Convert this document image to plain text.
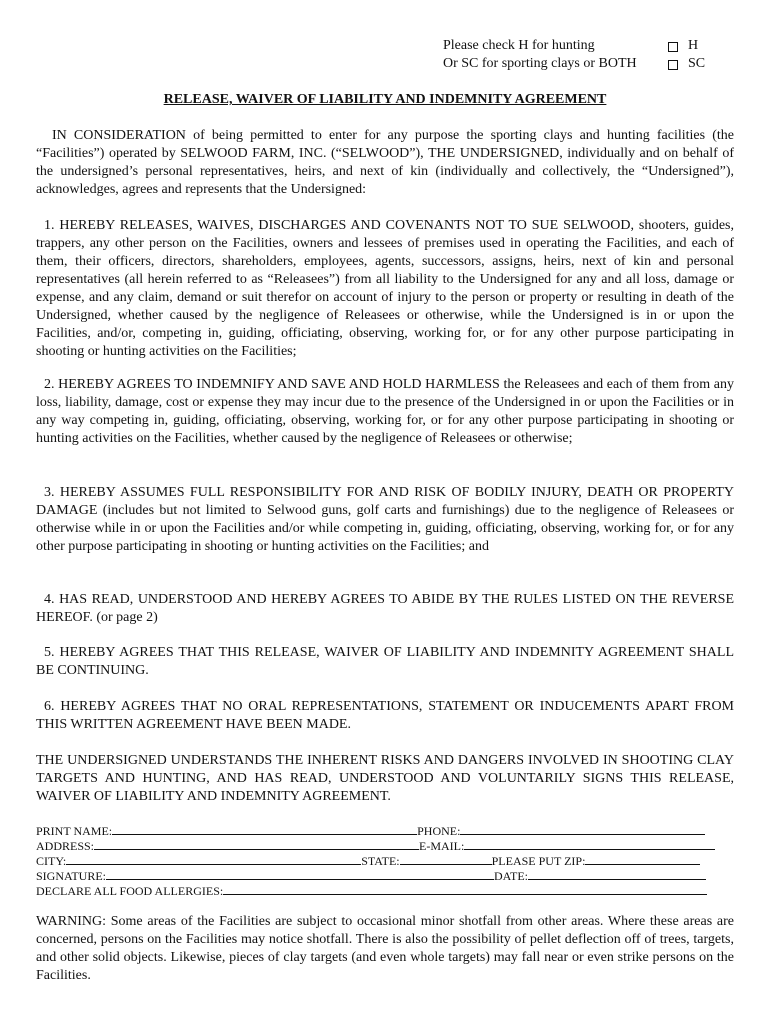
Please check H for hunting	H
Or SC for sporting clays or BOTH	SC
RELEASE, WAIVER OF LIABILITY AND INDEMNITY AGREEMENT
IN CONSIDERATION of being permitted to enter for any purpose the sporting clays and hunting facilities (the “Facilities”) operated by SELWOOD FARM, INC. (“SELWOOD”), THE UNDERSIGNED, individually and on behalf of the undersigned’s personal representatives, heirs, and next of kin (individually and collectively, the “Undersigned”), acknowledges, agrees and represents that the Undersigned:
1. HEREBY RELEASES, WAIVES, DISCHARGES AND COVENANTS NOT TO SUE SELWOOD, shooters, guides, trappers, any other person on the Facilities, owners and lessees of premises used in operating the Facilities, and each of them, their officers, directors, shareholders, employees, agents, successors, assigns, heirs, next of kin and personal representatives (all herein referred to as “Releasees”) from all liability to the Undersigned for any and all loss, damage or expense, and any claim, demand or suit therefor on account of injury to the person or property or resulting in death of the Undersigned, whether caused by the negligence of Releasees or otherwise, while the Undersigned is in or upon the Facilities, and/or, competing in, guiding, officiating, observing, working for, or for any other purpose participating in shooting or hunting activities on the Facilities;
2. HEREBY AGREES TO INDEMNIFY AND SAVE AND HOLD HARMLESS the Releasees and each of them from any loss, liability, damage, cost or expense they may incur due to the presence of the Undersigned in or upon the Facilities or in any way competing in, guiding, officiating, observing, working for, or for any other purpose participating in shooting or hunting activities on the Facilities, whether caused by the negligence of Releasees or otherwise;
3. HEREBY ASSUMES FULL RESPONSIBILITY FOR AND RISK OF BODILY INJURY, DEATH OR PROPERTY DAMAGE (includes but not limited to Selwood guns, golf carts and furnishings) due to the negligence of Releasees or otherwise while in or upon the Facilities and/or while competing in, guiding, officiating, observing, working for, or for any other purpose participating in shooting or hunting activities on the Facilities; and
4. HAS READ, UNDERSTOOD AND HEREBY AGREES TO ABIDE BY THE RULES LISTED ON THE REVERSE HEREOF. (or page 2)
5. HEREBY AGREES THAT THIS RELEASE, WAIVER OF LIABILITY AND INDEMNITY AGREEMENT SHALL BE CONTINUING.
6. HEREBY AGREES THAT NO ORAL REPRESENTATIONS, STATEMENT OR INDUCEMENTS APART FROM THIS WRITTEN AGREEMENT HAVE BEEN MADE.
THE UNDERSIGNED UNDERSTANDS THE INHERENT RISKS AND DANGERS INVOLVED IN SHOOTING CLAY TARGETS AND HUNTING, AND HAS READ, UNDERSTOOD AND VOLUNTARILY SIGNS THIS RELEASE, WAIVER OF LIABILITY AND INDEMNITY AGREEMENT.
PRINT NAME:	PHONE:
ADDRESS:	E-MAIL:
CITY:	STATE:	PLEASE PUT ZIP:
SIGNATURE:	DATE:
DECLARE ALL FOOD ALLERGIES:
WARNING: Some areas of the Facilities are subject to occasional minor shotfall from other areas. Where these areas are concerned, persons on the Facilities may notice shotfall. There is also the possibility of pellet deflection off of trees, targets, and other solid objects. Likewise, pieces of clay targets (and even whole targets) may fall near or even strike persons on the Facilities.
